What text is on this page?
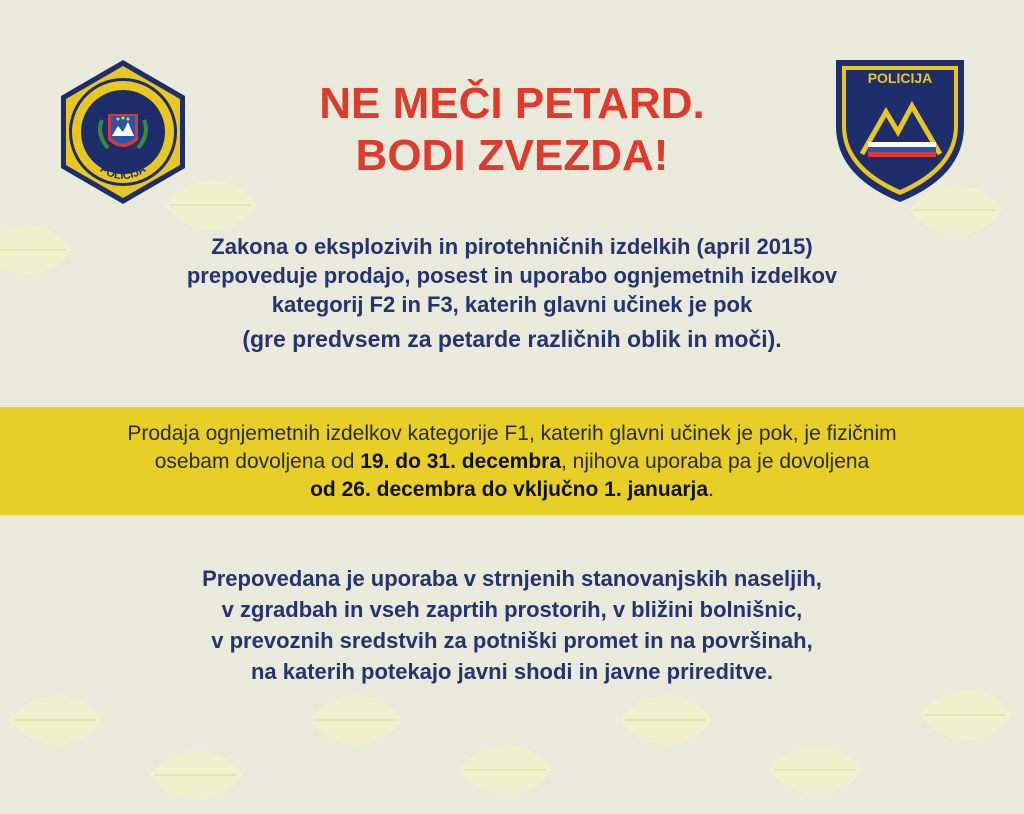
REPUBLIKA SLOVENIJA
POLICIJA
POLICIJA
NE MEČI PETARD.
BODI ZVEZDA!
Zakona o eksplozivih in pirotehničnih izdelkih (april 2015)
prepoveduje prodajo, posest in uporabo ognjemetnih izdelkov
kategorij F2 in F3, katerih glavni učinek je pok
(gre predvsem za petarde različnih oblik in moči).
Prodaja ognjemetnih izdelkov kategorije F1, katerih glavni učinek je pok, je fizičnim
osebam dovoljena od 19. do 31. decembra, njihova uporaba pa je dovoljena
od 26. decembra do vključno 1. januarja.
Prepovedana je uporaba v strnjenih stanovanjskih naseljih,
v zgradbah in vseh zaprtih prostorih, v bližini bolnišnic,
v prevoznih sredstvih za potniški promet in na površinah,
na katerih potekajo javni shodi in javne prireditve.
